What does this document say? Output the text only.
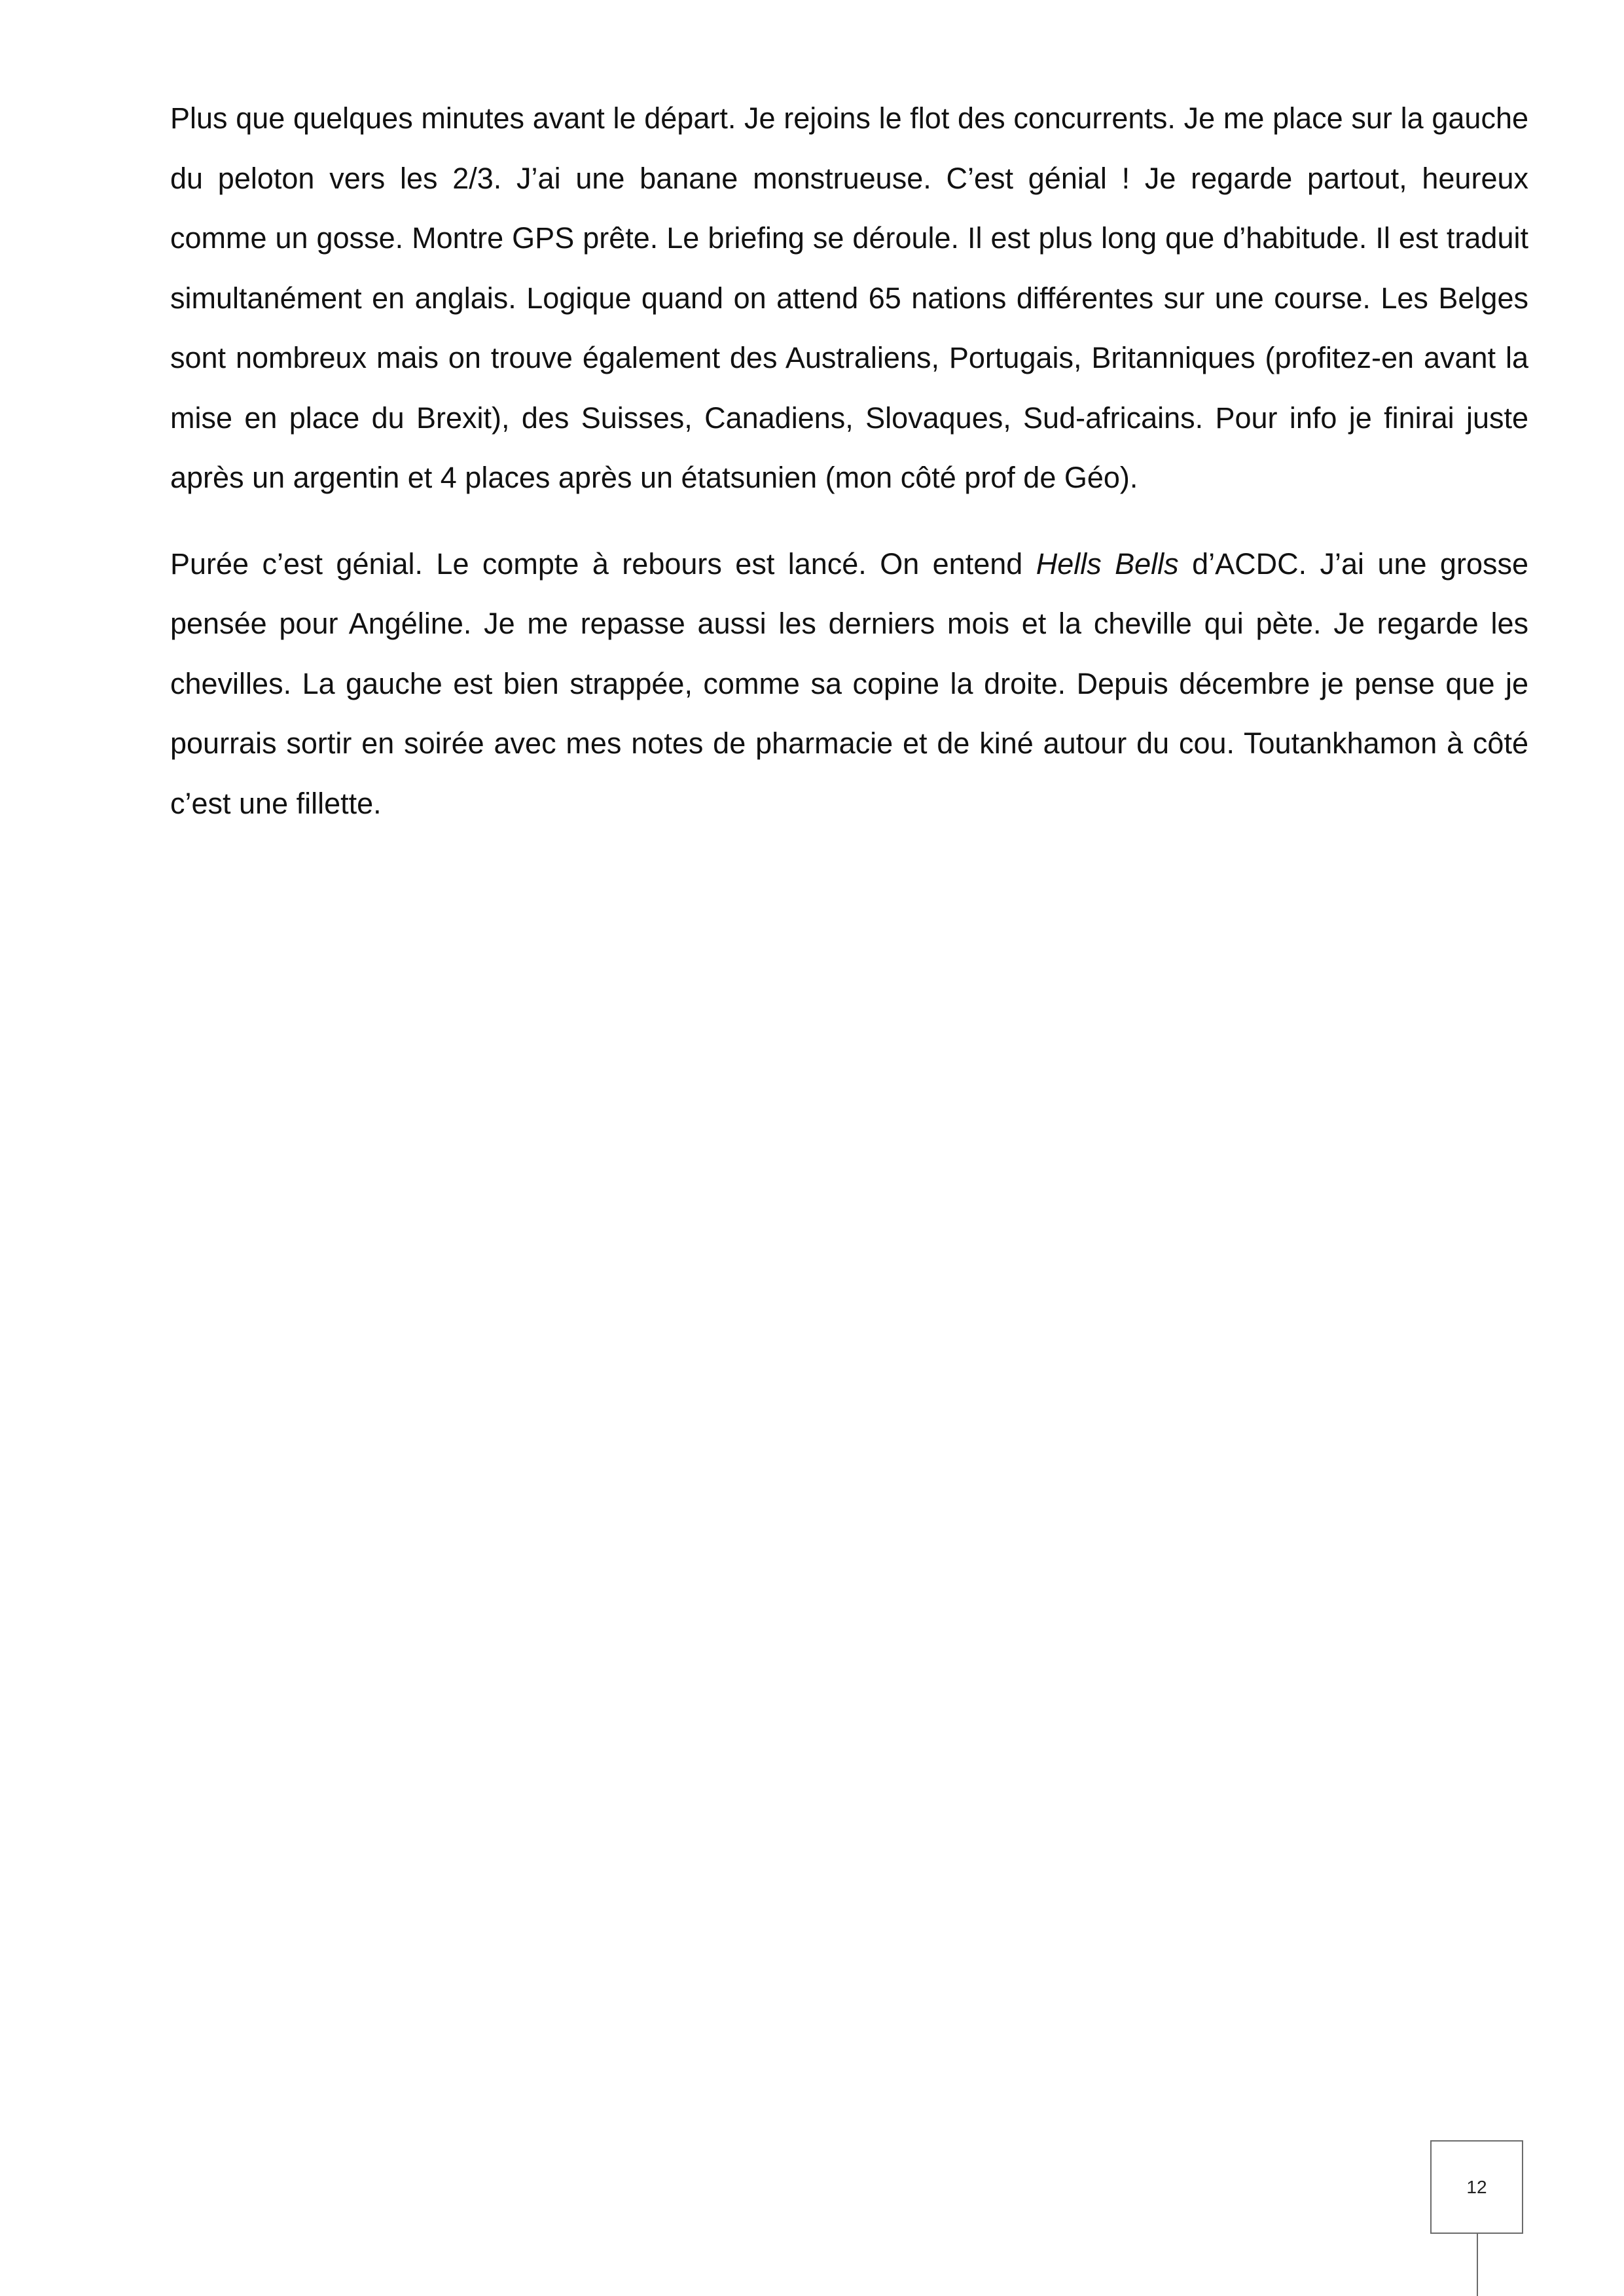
Plus que quelques minutes avant le départ. Je rejoins le flot des concurrents. Je me place sur la gauche du peloton vers les 2/3. J’ai une banane monstrueuse. C’est génial ! Je regarde partout, heureux comme un gosse. Montre GPS prête. Le briefing se déroule. Il est plus long que d’habitude. Il est traduit simultanément en anglais. Logique quand on attend 65 nations différentes sur une course. Les Belges sont nombreux mais on trouve également des Australiens, Portugais, Britanniques (profitez-en avant la mise en place du Brexit), des Suisses, Canadiens, Slovaques, Sud-africains. Pour info je finirai juste après un argentin et 4 places après un étatsunien (mon côté prof de Géo).

Purée c’est génial. Le compte à rebours est lancé. On entend Hells Bells d’ACDC. J’ai une grosse pensée pour Angéline. Je me repasse aussi les derniers mois et la cheville qui pète. Je regarde les chevilles. La gauche est bien strappée, comme sa copine la droite. Depuis décembre je pense que je pourrais sortir en soirée avec mes notes de pharmacie et de kiné autour du cou. Toutankhamon à côté c’est une fillette.

12
